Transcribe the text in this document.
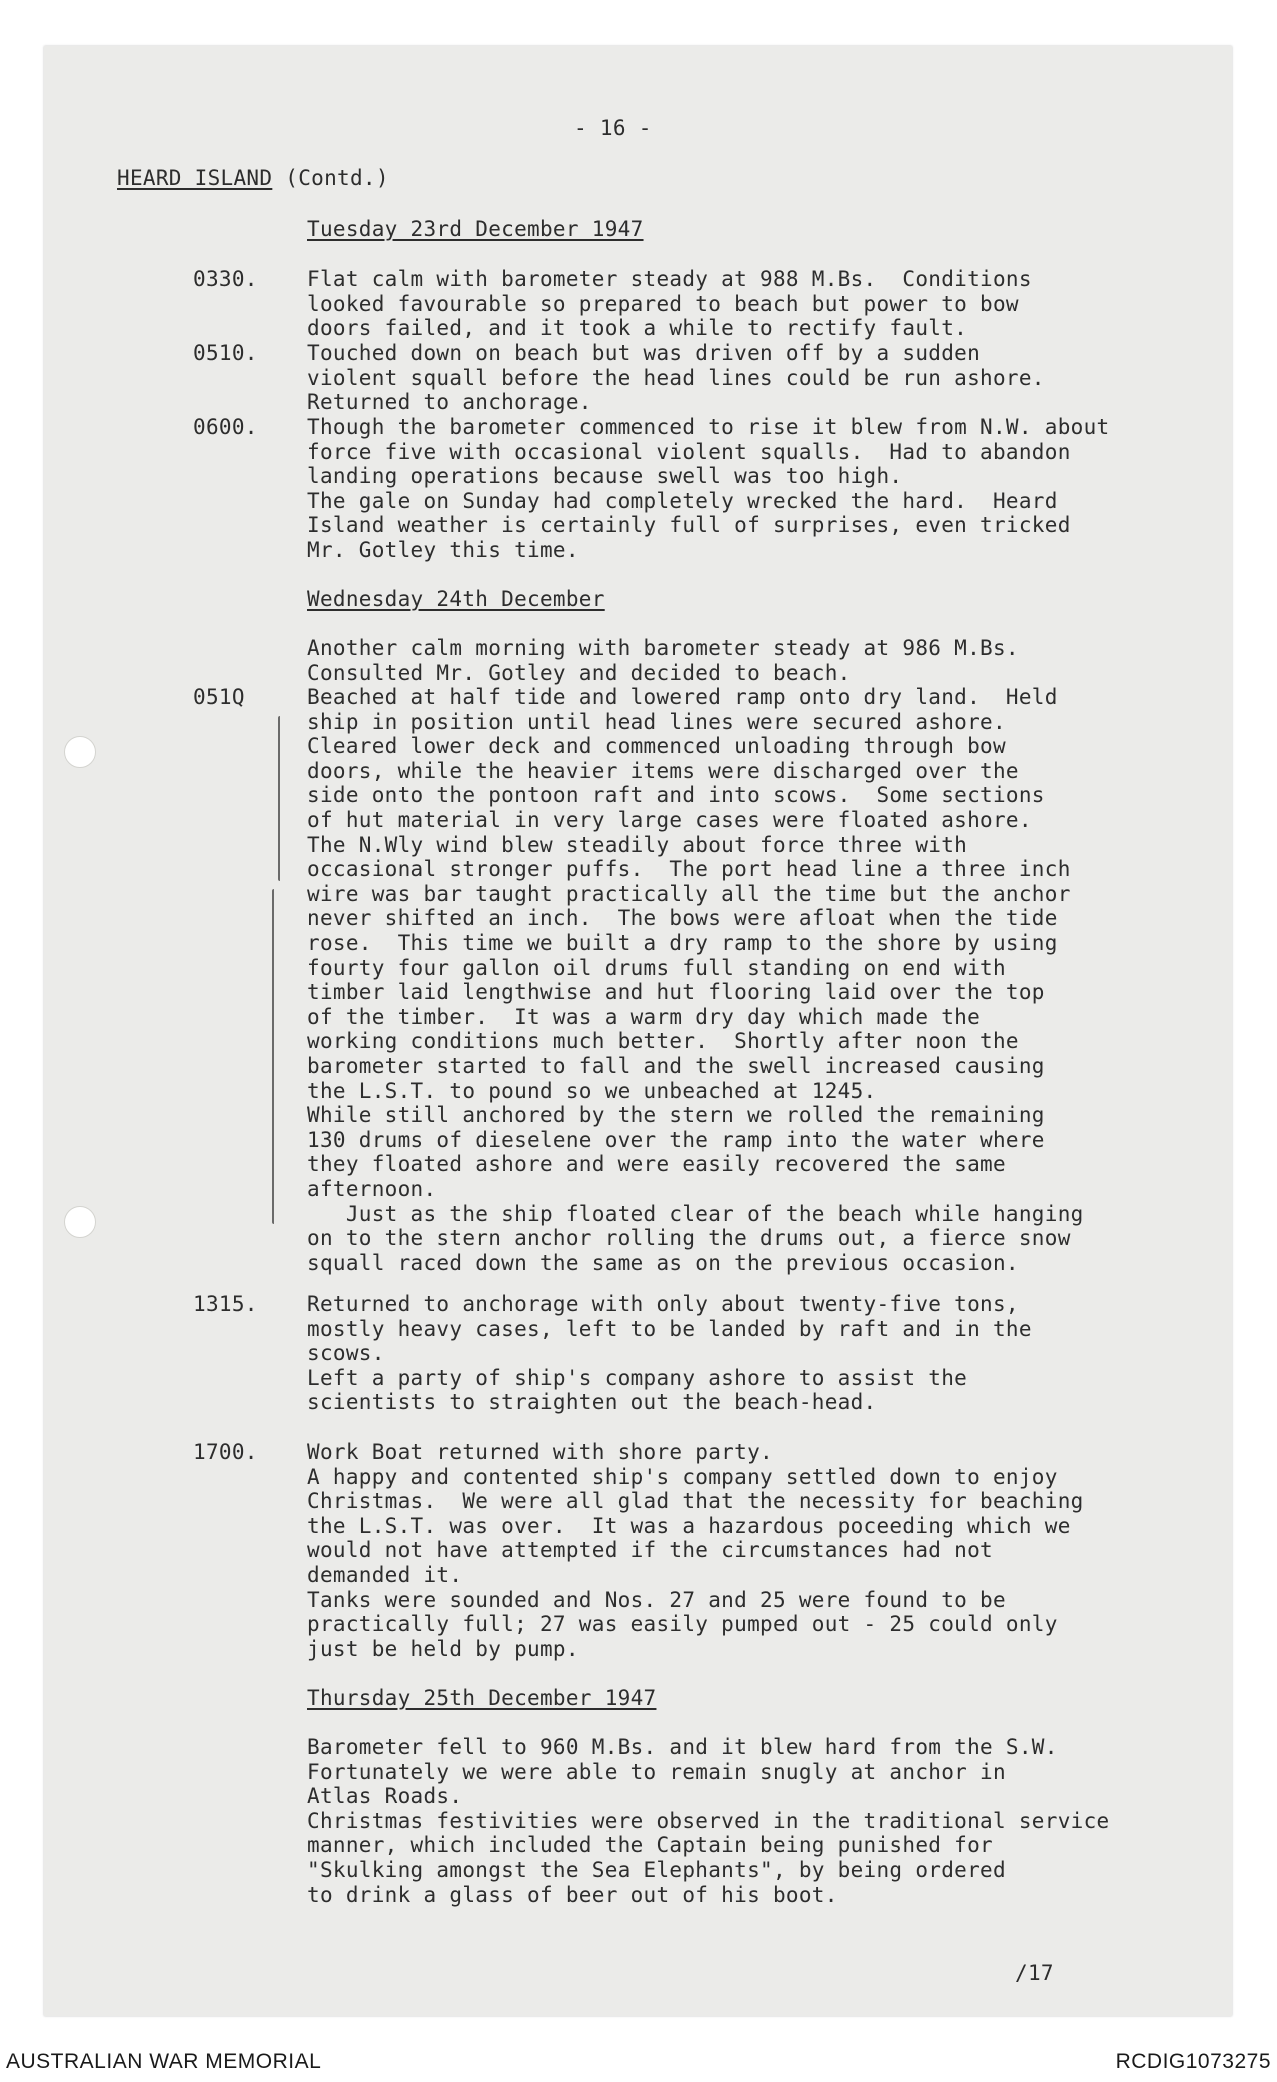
- 16 -
HEARD ISLAND (Contd.)
Tuesday 23rd December 1947
0330. Flat calm with barometer steady at 988 M.Bs.  Conditions
looked favourable so prepared to beach but power to bow
doors failed, and it took a while to rectify fault.
0510. Touched down on beach but was driven off by a sudden
violent squall before the head lines could be run ashore.
Returned to anchorage.
0600. Though the barometer commenced to rise it blew from N.W. about
force five with occasional violent squalls.  Had to abandon
landing operations because swell was too high.
The gale on Sunday had completely wrecked the hard.  Heard
Island weather is certainly full of surprises, even tricked
Mr. Gotley this time.
Wednesday 24th December
Another calm morning with barometer steady at 986 M.Bs.
Consulted Mr. Gotley and decided to beach.
051Q	Beached at half tide and lowered ramp onto dry land.  Held
ship in position until head lines were secured ashore.
Cleared lower deck and commenced unloading through bow
doors, while the heavier items were discharged over the
side onto the pontoon raft and into scows.  Some sections
of hut material in very large cases were floated ashore.
The N.Wly wind blew steadily about force three with
occasional stronger puffs.  The port head line a three inch
wire was bar taught practically all the time but the anchor
never shifted an inch.  The bows were afloat when the tide
rose.  This time we built a dry ramp to the shore by using
fourty four gallon oil drums full standing on end with
timber laid lengthwise and hut flooring laid over the top
of the timber.  It was a warm dry day which made the
working conditions much better.  Shortly after noon the
barometer started to fall and the swell increased causing
the L.S.T. to pound so we unbeached at 1245.
While still anchored by the stern we rolled the remaining
130 drums of dieselene over the ramp into the water where
they floated ashore and were easily recovered the same
afternoon.
Just as the ship floated clear of the beach while hanging
on to the stern anchor rolling the drums out, a fierce snow
squall raced down the same as on the previous occasion.
1315. Returned to anchorage with only about twenty-five tons,
mostly heavy cases, left to be landed by raft and in the
scows.
Left a party of ship's company ashore to assist the
scientists to straighten out the beach-head.
1700. Work Boat returned with shore party.
A happy and contented ship's company settled down to enjoy
Christmas.  We were all glad that the necessity for beaching
the L.S.T. was over.  It was a hazardous poceeding which we
would not have attempted if the circumstances had not
demanded it.
Tanks were sounded and Nos. 27 and 25 were found to be
practically full; 27 was easily pumped out - 25 could only
just be held by pump.
Thursday 25th December 1947
Barometer fell to 960 M.Bs. and it blew hard from the S.W.
Fortunately we were able to remain snugly at anchor in
Atlas Roads.
Christmas festivities were observed in the traditional service
manner, which included the Captain being punished for
"Skulking amongst the Sea Elephants", by being ordered
to drink a glass of beer out of his boot.
/17
AUSTRALIAN WAR MEMORIAL	RCDIG1073275
